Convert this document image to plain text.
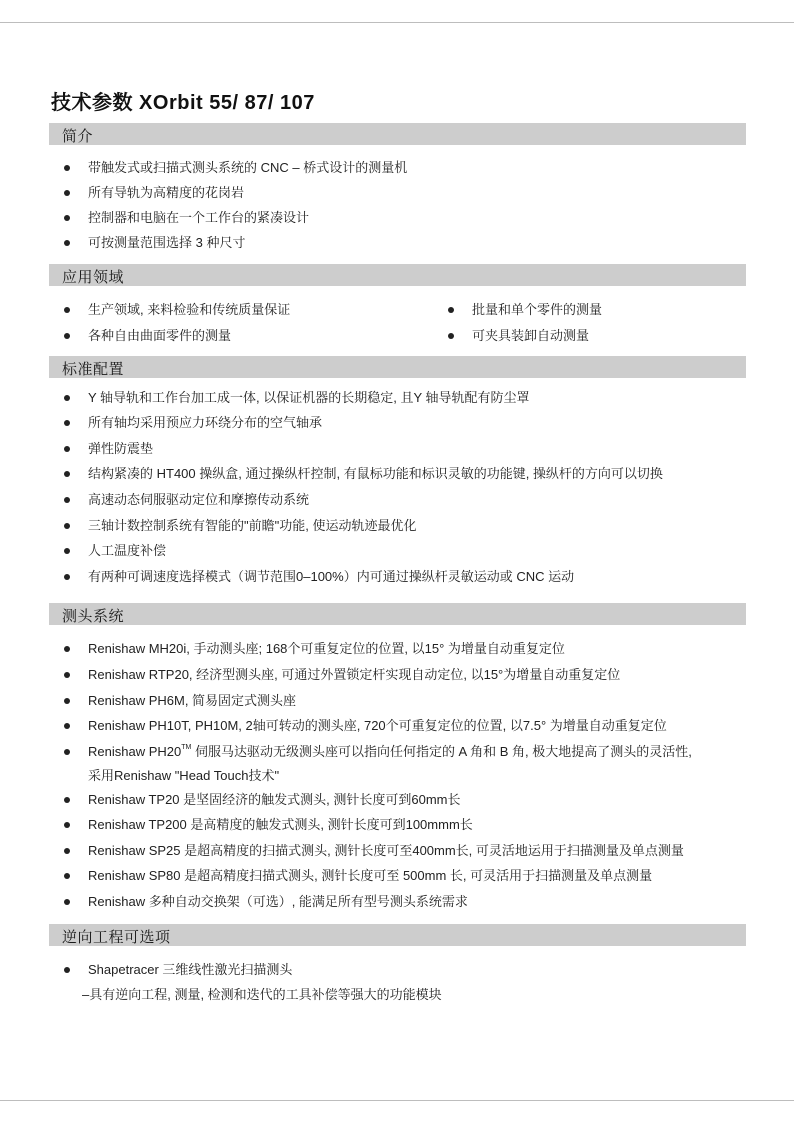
技术参数 XOrbit 55/ 87/ 107
简介
带触发式或扫描式测头系统的 CNC – 桥式设计的测量机
所有导轨为高精度的花岗岩
控制器和电脑在一个工作台的紧凑设计
可按测量范围选择 3 种尺寸
应用领域
生产领域, 来料检验和传统质量保证	批量和单个零件的测量
各种自由曲面零件的测量	可夹具装卸自动测量
标准配置
Y 轴导轨和工作台加工成一体, 以保证机器的长期稳定, 且Y 轴导轨配有防尘罩
所有轴均采用预应力环绕分布的空气轴承
弹性防震垫
结构紧凑的 HT400 操纵盒, 通过操纵杆控制, 有鼠标功能和标识灵敏的功能键, 操纵杆的方向可以切换
高速动态伺服驱动定位和摩擦传动系统
三轴计数控制系统有智能的"前瞻"功能, 使运动轨迹最优化
人工温度补偿
有两种可调速度选择模式（调节范围0–100%）内可通过操纵杆灵敏运动或 CNC 运动
测头系统
Renishaw MH20i, 手动测头座; 168个可重复定位的位置, 以15° 为增量自动重复定位
Renishaw RTP20, 经济型测头座, 可通过外置锁定杆实现自动定位, 以15°为增量自动重复定位
Renishaw PH6M, 简易固定式测头座
Renishaw PH10T, PH10M, 2轴可转动的测头座, 720个可重复定位的位置, 以7.5° 为增量自动重复定位
Renishaw PH20™ 伺服马达驱动无级测头座可以指向任何指定的 A 角和 B 角, 极大地提高了测头的灵活性,
采用Renishaw "Head Touch技术"
Renishaw TP20 是坚固经济的触发式测头, 测针长度可到60mm长
Renishaw TP200 是高精度的触发式测头, 测针长度可到100mmm长
Renishaw SP25 是超高精度的扫描式测头, 测针长度可至400mm长, 可灵活地运用于扫描测量及单点测量
Renishaw SP80 是超高精度扫描式测头, 测针长度可至 500mm 长, 可灵活用于扫描测量及单点测量
Renishaw 多种自动交换架（可选）, 能满足所有型号测头系统需求
逆向工程可选项
Shapetracer 三维线性激光扫描测头
–具有逆向工程, 测量, 检测和迭代的工具补偿等强大的功能模块
